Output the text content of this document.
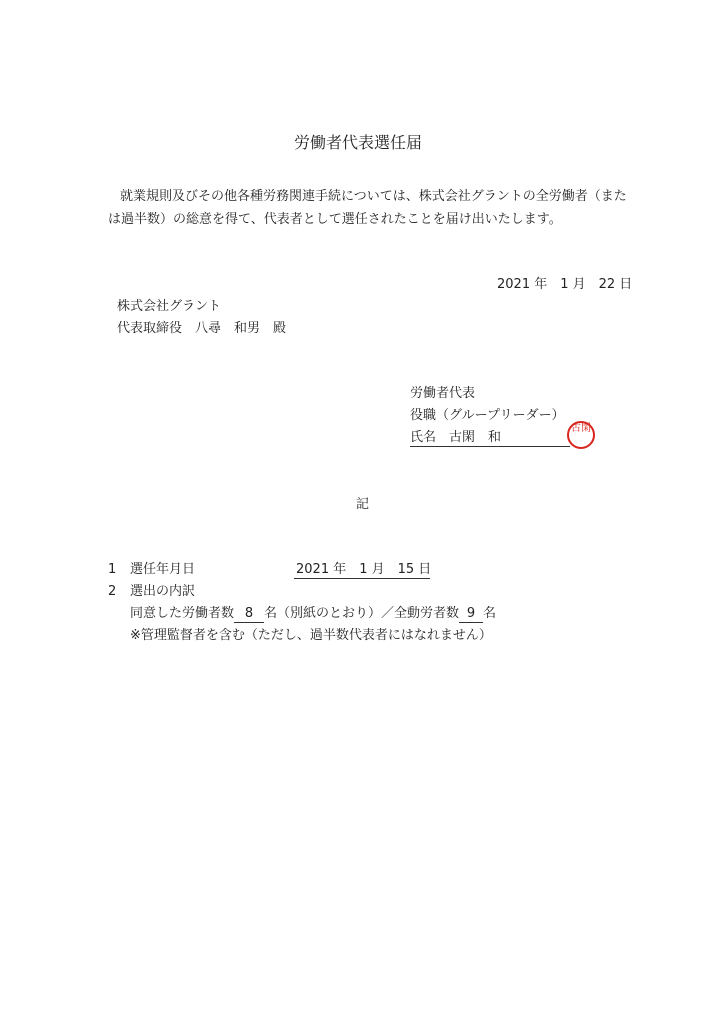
労働者代表選任届
就業規則及びその他各種労務関連手続については、株式会社グラントの全労働者（また
は過半数）の総意を得て、代表者として選任されたことを届け出いたします。
2021 年　1 月　22 日
株式会社グラント
代表取締役　八尋　和男　殿
労働者代表
役職（グループリーダー）
氏名　古閑　和
古閑
記
1 選任年月日	2021 年　1 月　15 日
2 選出の内訳
同意した労働者数 8 名（別紙のとおり）／全動労者数 9 名
※管理監督者を含む（ただし、過半数代表者にはなれません）
